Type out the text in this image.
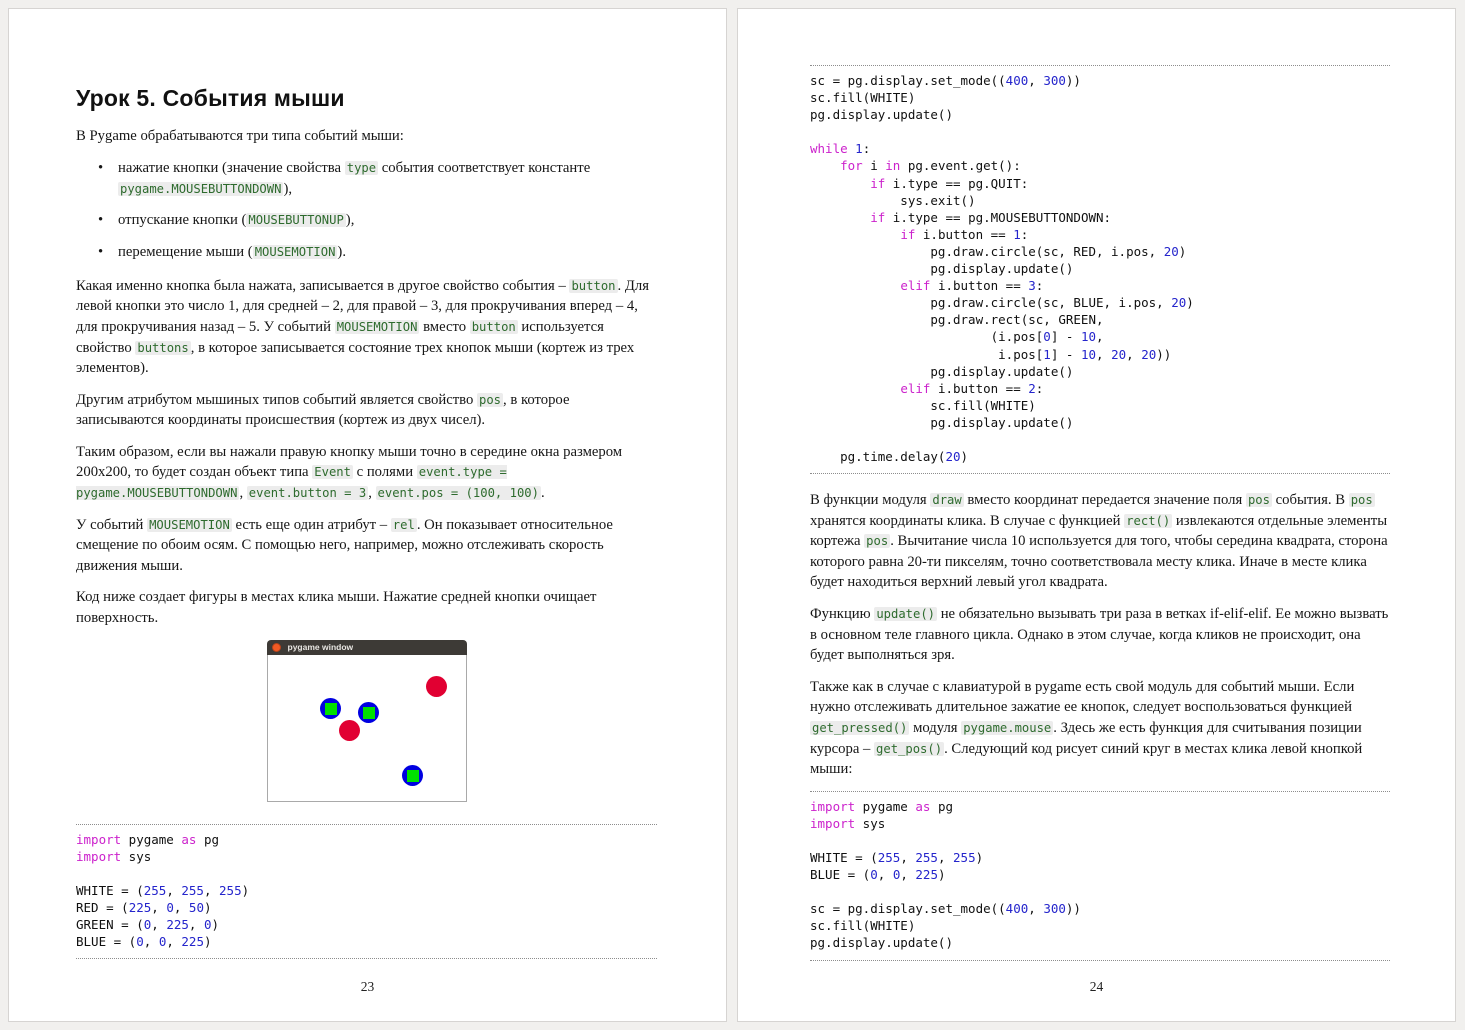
Урок 5. События мыши

В Pygame обрабатываются три типа событий мыши:

• нажатие кнопки (значение свойства type события соответствует константе pygame.MOUSEBUTTONDOWN ),
• отпускание кнопки ( MOUSEBUTTONUP ),
• перемещение мыши ( MOUSEMOTION ).

Какая именно кнопка была нажата, записывается в другое свойство события – button . Для левой кнопки это число 1, для средней – 2, для правой – 3, для прокручивания вперед – 4, для прокручивания назад – 5. У событий MOUSEMOTION вместо button используется свойство buttons , в которое записывается состояние трех кнопок мыши (кортеж из трех элементов).

Другим атрибутом мышиных типов событий является свойство pos , в которое записываются координаты происшествия (кортеж из двух чисел).

Таким образом, если вы нажали правую кнопку мыши точно в середине окна размером 200x200, то будет создан объект типа Event с полями event.type = pygame.MOUSEBUTTONDOWN , event.button = 3 , event.pos = (100, 100) .

У событий MOUSEMOTION есть еще один атрибут – rel . Он показывает относительное смещение по обоим осям. С помощью него, например, можно отслеживать скорость движения мыши.

Код ниже создает фигуры в местах клика мыши. Нажатие средней кнопки очищает поверхность.

pygame window
import pygame as pg
import sys

WHITE = (255, 255, 255)
RED = (225, 0, 50)
GREEN = (0, 225, 0)
BLUE = (0, 0, 225)
23
sc = pg.display.set_mode((400, 300))
sc.fill(WHITE)
pg.display.update()

while 1:
for i in pg.event.get():
if i.type == pg.QUIT:
sys.exit()
if i.type == pg.MOUSEBUTTONDOWN:
if i.button == 1:
pg.draw.circle(sc, RED, i.pos, 20)
pg.display.update()
elif i.button == 3:
pg.draw.circle(sc, BLUE, i.pos, 20)
pg.draw.rect(sc, GREEN,
(i.pos[0] - 10,
i.pos[1] - 10, 20, 20))
pg.display.update()
elif i.button == 2:
sc.fill(WHITE)
pg.display.update()

pg.time.delay(20)

В функции модуля draw вместо координат передается значение поля pos события. В pos хранятся координаты клика. В случае с функцией rect() извлекаются отдельные элементы кортежа pos . Вычитание числа 10 используется для того, чтобы середина квадрата, сторона которого равна 20-ти пикселям, точно соответствовала месту клика. Иначе в месте клика будет находиться верхний левый угол квадрата.

Функцию update() не обязательно вызывать три раза в ветках if-elif-elif. Ее можно вызвать в основном теле главного цикла. Однако в этом случае, когда кликов не происходит, она будет выполняться зря.

Также как в случае с клавиатурой в pygame есть свой модуль для событий мыши. Если нужно отслеживать длительное зажатие ее кнопок, следует воспользоваться функцией get_pressed() модуля pygame.mouse . Здесь же есть функция для считывания позиции курсора – get_pos() . Следующий код рисует синий круг в местах клика левой кнопкой мыши:

import pygame as pg
import sys

WHITE = (255, 255, 255)
BLUE = (0, 0, 225)

sc = pg.display.set_mode((400, 300))
sc.fill(WHITE)
pg.display.update()
24
